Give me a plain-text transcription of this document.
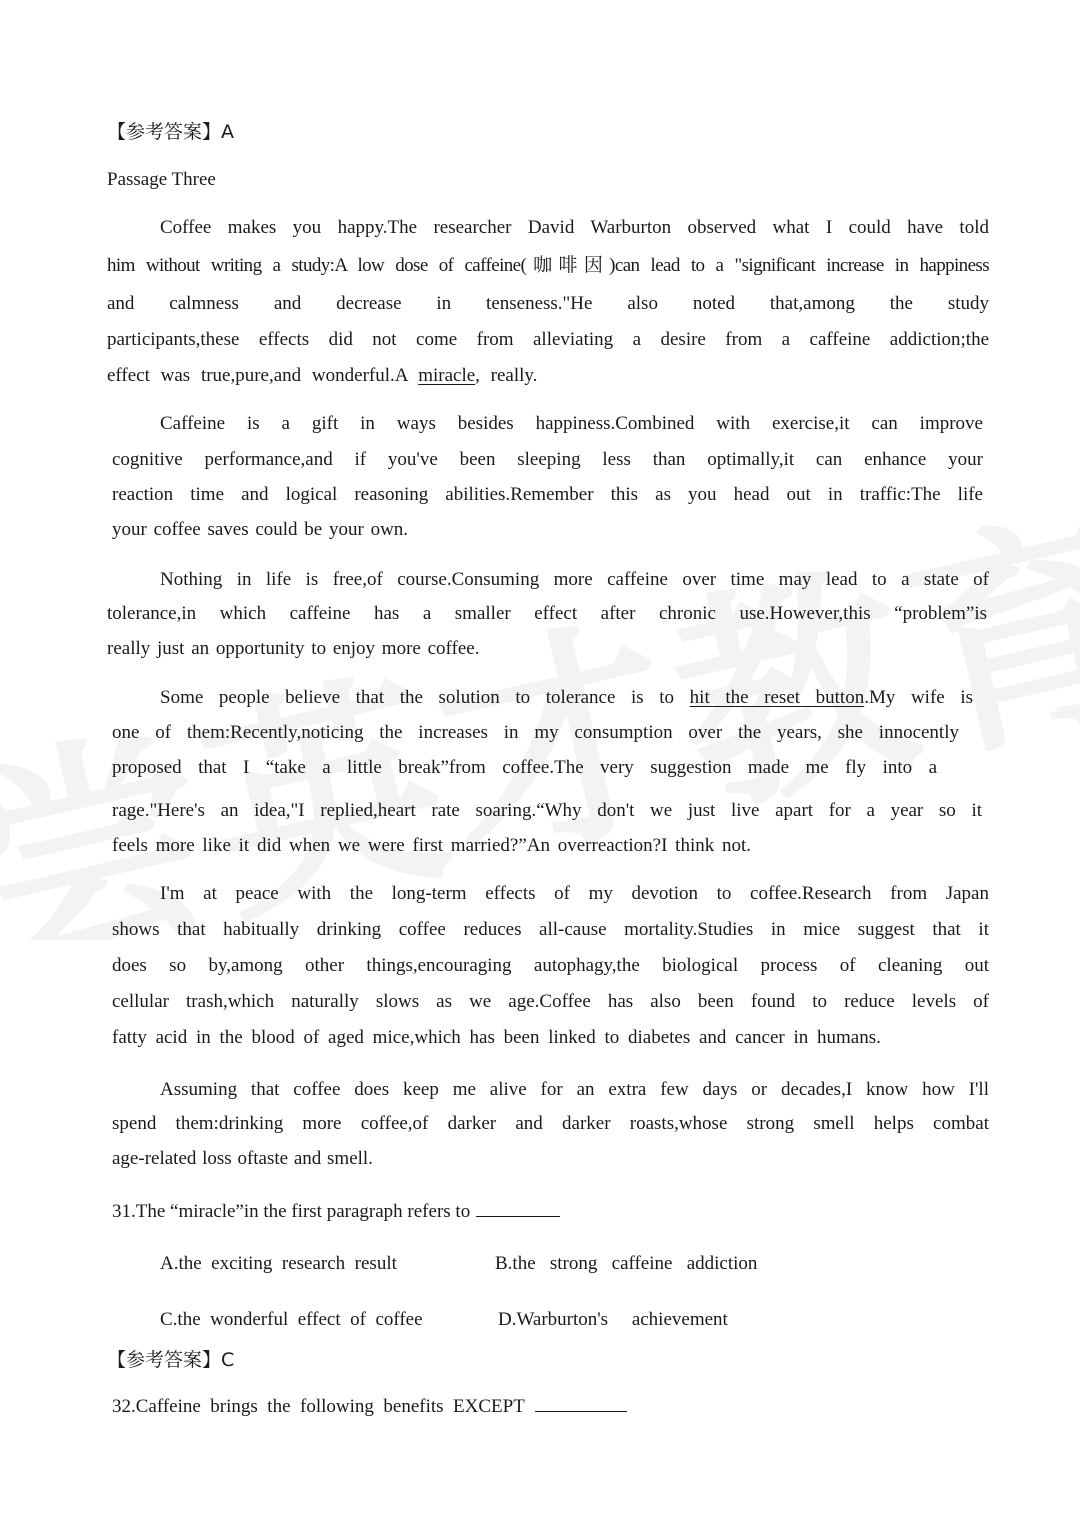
【参考答案】A

Passage Three

Coffee makes you happy.The researcher David Warburton observed what I could have told

him without writing a study:A low dose of caffeine(咖啡因)can lead to a "significant increase in happiness

and calmness and decrease in tenseness."He also noted that,among the study

participants,these effects did not come from alleviating a desire from a caffeine addiction;the

effect was true,pure,and wonderful.A miracle, really.

Caffeine is a gift in ways besides happiness.Combined with exercise,it can improve

cognitive performance,and if you've been sleeping less than optimally,it can enhance your

reaction time and logical reasoning abilities.Remember this as you head out in traffic:The life

your coffee saves could be your own.

Nothing in life is free,of course.Consuming more caffeine over time may lead to a state of

tolerance,in which caffeine has a smaller effect after chronic use.However,this “problem”is

really just an opportunity to enjoy more coffee.

Some people believe that the solution to tolerance is to hit the reset button.My wife is

one of them:Recently,noticing the increases in my consumption over the years, she innocently

proposed that I “take a little break”from coffee.The very suggestion made me fly into a

rage."Here's an idea,"I replied,heart rate soaring.“Why don't we just live apart for a year so it

feels more like it did when we were first married?”An overreaction?I think not.

I'm at peace with the long-term effects of my devotion to coffee.Research from Japan

shows that habitually drinking coffee reduces all-cause mortality.Studies in mice suggest that it

does so by,among other things,encouraging autophagy,the biological process of cleaning out

cellular trash,which naturally slows as we age.Coffee has also been found to reduce levels of

fatty acid in the blood of aged mice,which has been linked to diabetes and cancer in humans.

Assuming that coffee does keep me alive for an extra few days or decades,I know how I'll

spend them:drinking more coffee,of darker and darker roasts,whose strong smell helps combat

age-related loss oftaste and smell.

31.The “miracle”in the first paragraph refers to

A.the  exciting  research  result	B.the   strong   caffeine   addiction

C.the  wonderful  effect  of  coffee	D.Warburton's     achievement

【参考答案】C

32.Caffeine  brings  the  following  benefits  EXCEPT
